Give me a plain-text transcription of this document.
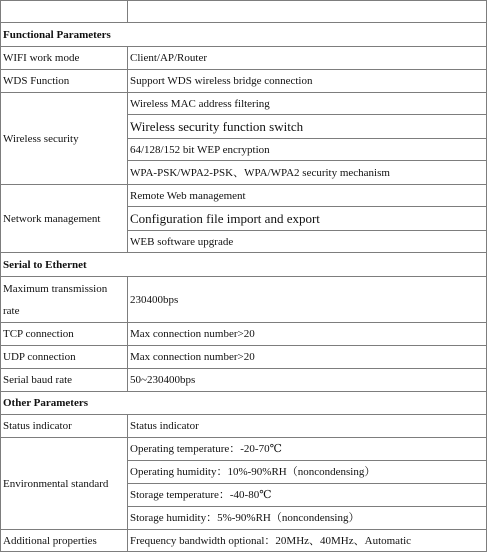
Functional Parameters	
WIFI work mode	Client/AP/Router
WDS Function	Support WDS wireless bridge connection
Wireless security	Wireless MAC address filtering
	Wireless security function switch
	64/128/152 bit WEP encryption
	WPA-PSK/WPA2-PSK、WPA/WPA2 security mechanism
Network management	Remote Web management
	Configuration file import and export
	WEB software upgrade
Serial to Ethernet	
Maximum transmission rate	230400bps
TCP connection	Max connection number>20
UDP connection	Max connection number>20
Serial baud rate	50~230400bps
Other Parameters	
Status indicator	Status indicator
Environmental standard	Operating temperature：-20-70℃
	Operating humidity：10%-90%RH（noncondensing）
	Storage temperature：-40-80℃
	Storage humidity：5%-90%RH（noncondensing）
Additional properties	Frequency bandwidth optional：20MHz、40MHz、Automatic
